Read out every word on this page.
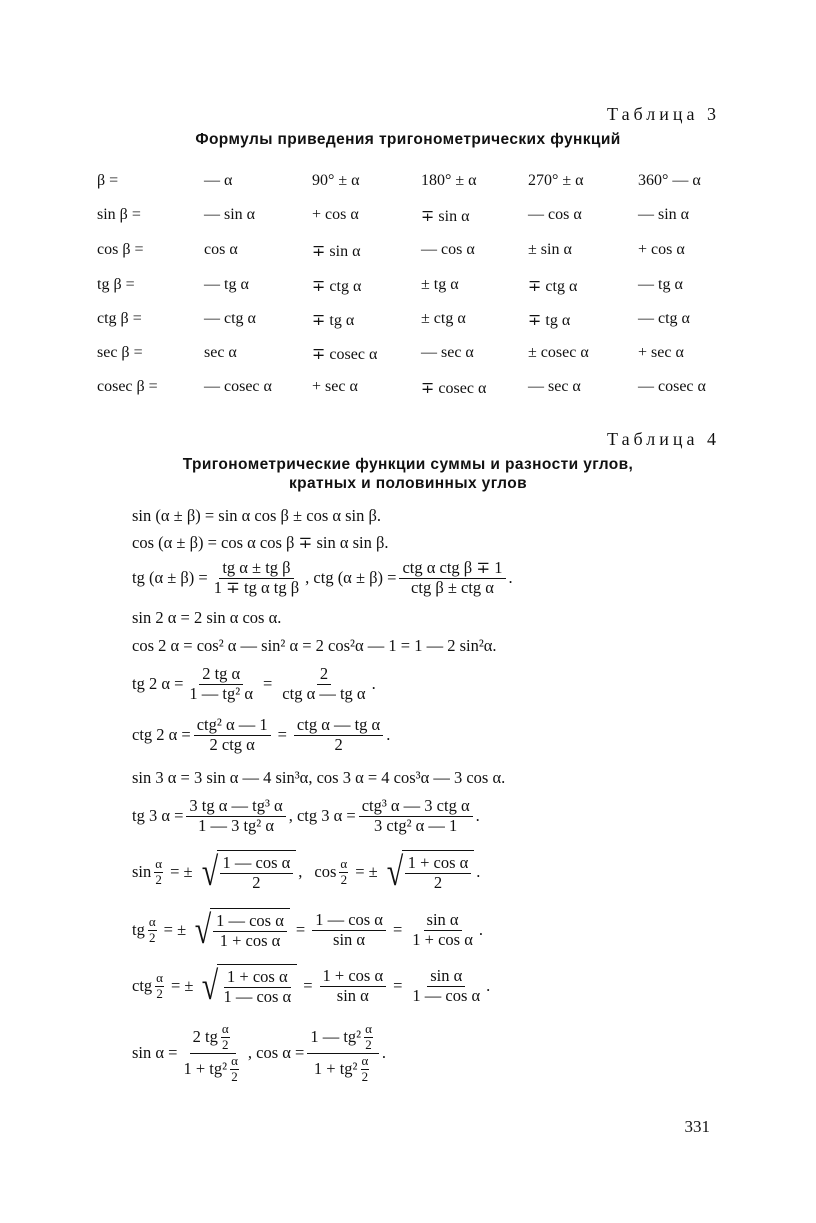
Таблица 3
Формулы приведения тригонометрических функций
β =	— α	90° ± α	180° ± α	270° ± α	360° — α
sin β =	— sin α	+ cos α	∓ sin α	— cos α	— sin α
cos β =	cos α	∓ sin α	— cos α	± sin α	+ cos α
tg β =	— tg α	∓ ctg α	± tg α	∓ ctg α	— tg α
ctg β =	— ctg α	∓ tg α	± ctg α	∓ tg α	— ctg α
sec β =	sec α	∓ cosec α	— sec α	± cosec α	+ sec α
cosec β =	— cosec α	+ sec α	∓ cosec α	— sec α	— cosec α
Таблица 4
Тригонометрические функции суммы и разности углов,
кратных и половинных углов
sin (α ± β) = sin α cos β ± cos α sin β.
cos (α ± β) = cos α cos β ∓ sin α sin β.
tg $(\alpha \pm \beta) = \frac{\text{tg α ± tg β}}{\text{1 ∓ tg α tg β}}$ , ctg $(\alpha \pm \beta) = \frac{\text{ctg α ctg β ∓ 1}}{\text{ctg β ± ctg α}}$ .
sin 2 α = 2 sin α cos α.
cos 2 α = cos² α — sin² α = 2 cos²α — 1 = 1 — 2 sin²α.
tg 2 $\alpha = \frac{\text{2 tg α}}{\text{1 — tg² α}} = \frac{2}{\text{ctg α — tg α}}$ .
ctg 2 $\alpha = \frac{\text{ctg² α — 1}}{\text{2 ctg α}} = \frac{\text{ctg α — tg α}}{2}$ .
sin 3 α = 3 sin α — 4 sin³α, cos 3 α = 4 cos³α — 3 cos α.
tg 3 $\alpha = \frac{\text{3 tg α — tg³ α}}{\text{1 — 3 tg² α}}$ , ctg 3 $\alpha = \frac{\text{ctg³ α — 3 ctg α}}{\text{3 ctg² α — 1}}$ .
$\sin \frac{\alpha}{2}$ = ± √ $\frac{\text{1 — cos α}}{2}$ , $\cos \frac{\alpha}{2}$ = ± √ $\frac{\text{1 + cos α}}{2}$ .
tg $\frac{\alpha}{2}$ = ± √ $\frac{\text{1 — cos α}}{\text{1 + cos α}} = \frac{\text{1 — cos α}}{\text{sin α}} = \frac{\text{sin α}}{\text{1 + cos α}}$ .
ctg $\frac{\alpha}{2}$ = ± √ $\frac{\text{1 + cos α}}{\text{1 — cos α}} = \frac{\text{1 + cos α}}{\text{sin α}} = \frac{\text{sin α}}{\text{1 — cos α}}$ .
$\sin \alpha = \frac{2 tg \frac{\alpha}{2}}{1 + tg^2 \frac{\alpha}{2}}$ , $\cos \alpha = \frac{1 — tg^2 \frac{\alpha}{2}}{1 + tg^2 \frac{\alpha}{2}}$ .
331
